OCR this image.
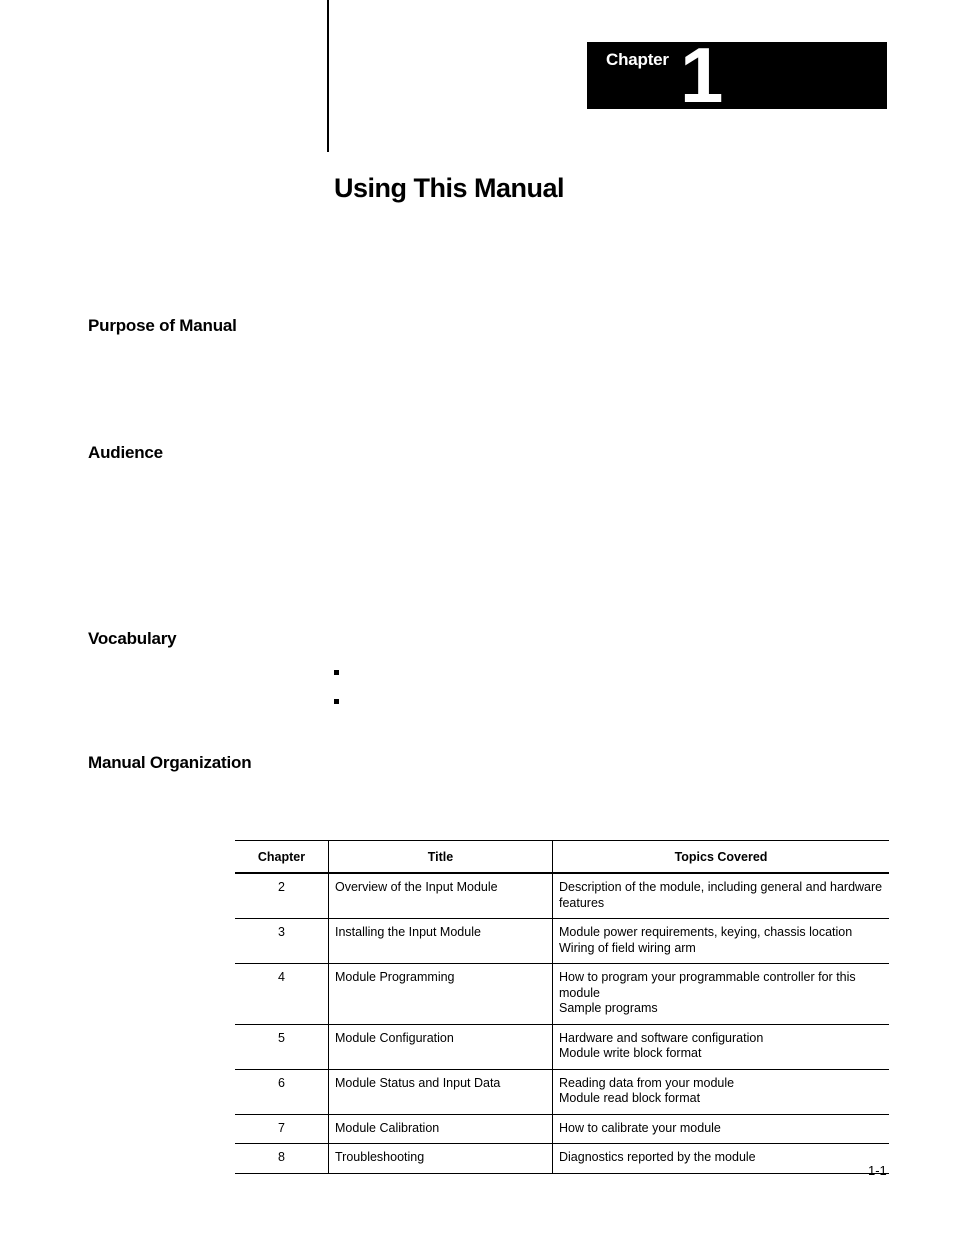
Chapter 1
Using This Manual
Purpose of Manual
Audience
Vocabulary
Manual Organization
Chapter	Title	Topics Covered
2	Overview of the Input Module	Description of the module, including general and hardware features

3	Installing the Input Module	Module power requirements, keying, chassis location
Wiring of field wiring arm

4	Module Programming	How to program your programmable controller for this module
Sample programs

5	Module Configuration	Hardware and software configuration
Module write block format

6	Module Status and Input Data	Reading data from your module
Module read block format

7	Module Calibration	How to calibrate your module

8	Troubleshooting	Diagnostics reported by the module
1-1
